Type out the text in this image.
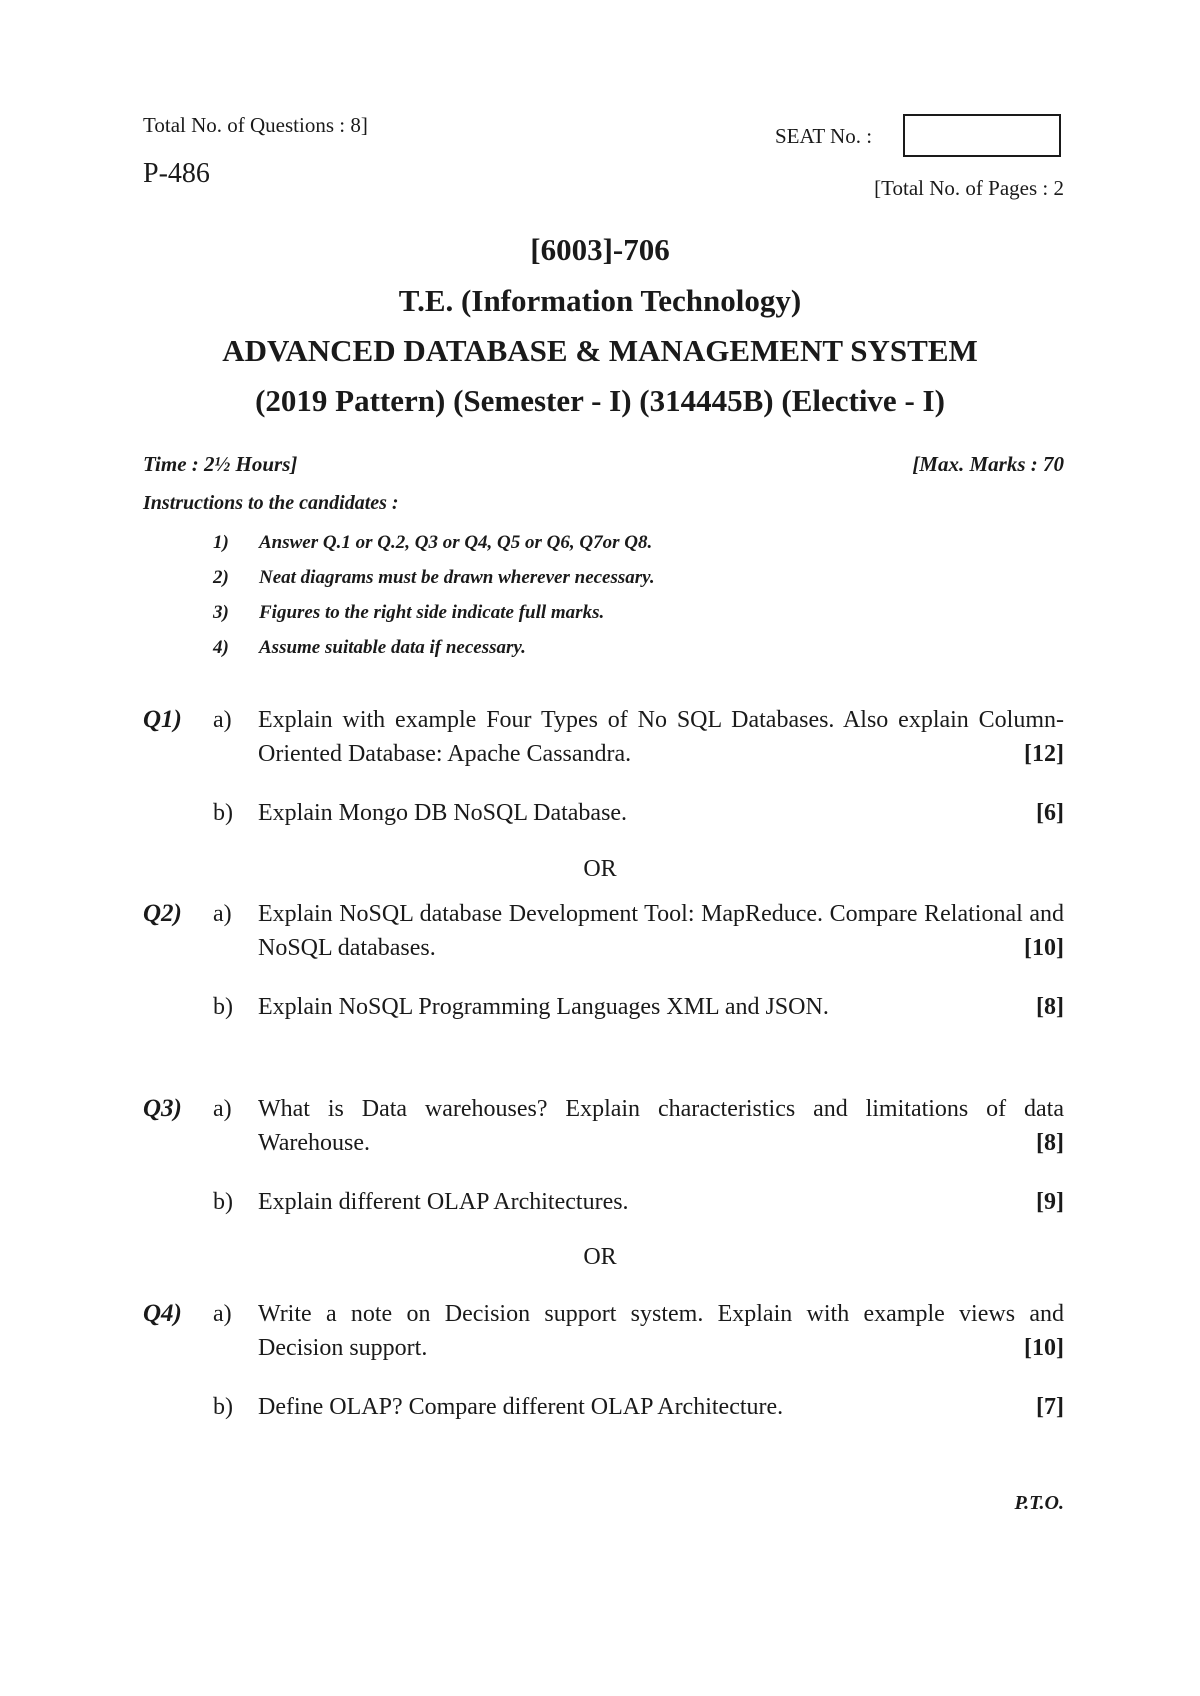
Total No. of Questions : 8]
P-486
SEAT No. :
[Total No. of Pages : 2
[6003]-706
T.E. (Information Technology)
ADVANCED DATABASE & MANAGEMENT SYSTEM
(2019 Pattern) (Semester - I) (314445B) (Elective - I)
Time : 2½ Hours]	[Max. Marks : 70
Instructions to the candidates :
1) Answer Q.1 or Q.2, Q3 or Q4, Q5 or Q6, Q7or Q8.
2) Neat diagrams must be drawn wherever necessary.
3) Figures to the right side indicate full marks.
4) Assume suitable data if necessary.
Q1) a) Explain with example Four Types of No SQL Databases. Also explain Column-Oriented Database: Apache Cassandra.	[12]
b) Explain Mongo DB NoSQL Database.	[6]
OR
Q2) a) Explain NoSQL database Development Tool: MapReduce. Compare Relational and NoSQL databases.	[10]
b) Explain NoSQL Programming Languages XML and JSON.	[8]
Q3) a) What is Data warehouses? Explain characteristics and limitations of data Warehouse.	[8]
b) Explain different OLAP Architectures.	[9]
OR
Q4) a) Write a note on Decision support system. Explain with example views and Decision support.	[10]
b) Define OLAP? Compare different OLAP Architecture.	[7]
P.T.O.
